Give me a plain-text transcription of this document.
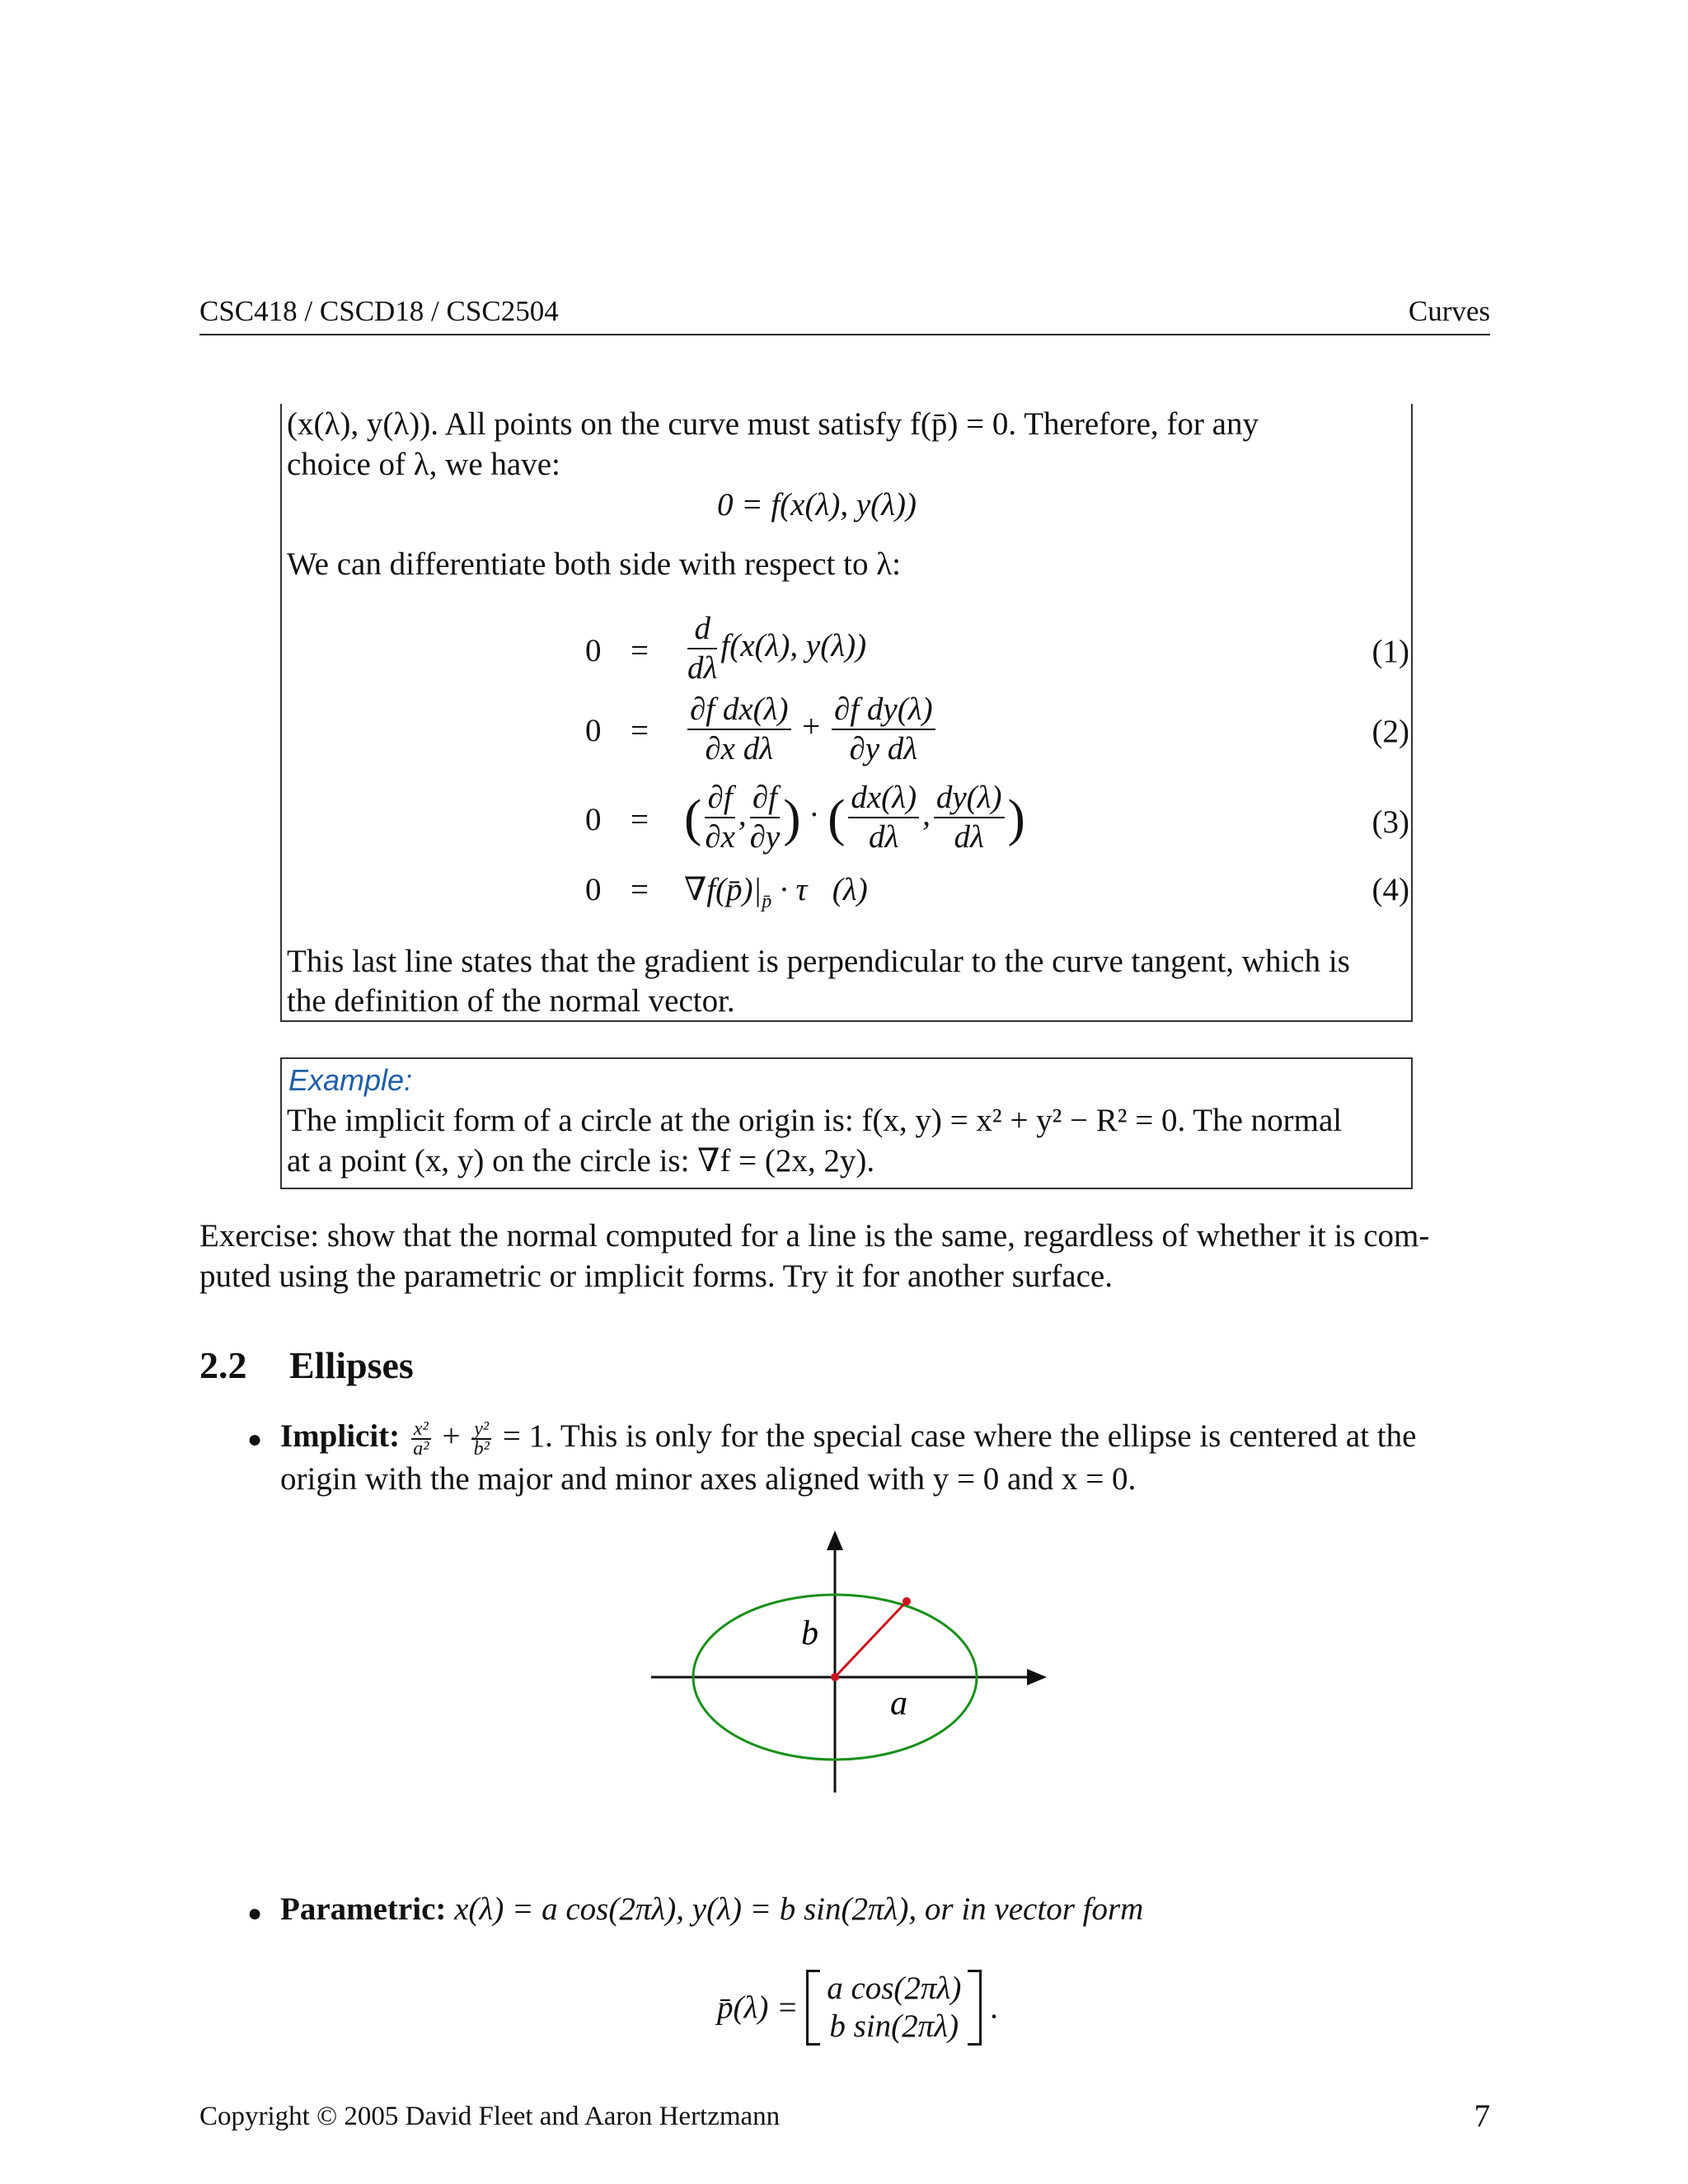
CSC418 / CSCD18 / CSC2504	Curves
(x(λ), y(λ)). All points on the curve must satisfy f(p̄) = 0. Therefore, for any
choice of λ, we have:
0 = f(x(λ), y(λ))
We can differentiate both side with respect to λ:
$0 = \frac{d}{d\lambda} f(x(\lambda)$, y(λ))	(1)
$0 = \frac{\text{∂f dx(λ)}}{\text{∂x dλ}} + \frac{\text{∂f dy(λ)}}{\text{∂y dλ}}$	(2)
0 = ( $\frac{\partial f}{\partial x}$ , $\frac{\partial f}{\partial y}$ ) · ( $\frac{dx(\lambda)}{d\lambda}$ , $\frac{dy(\lambda)}{d\lambda}$ )	(3)
$0 = \nabla f(p̄)|_{p̄}$ · τ⃗(λ)	(4)
This last line states that the gradient is perpendicular to the curve tangent, which is
the definition of the normal vector.
Example:
The implicit form of a circle at the origin is: f(x, y) = x² + y² − R² = 0. The normal
at a point (x, y) on the circle is: ∇f = (2x, 2y).
Exercise: show that the normal computed for a line is the same, regardless of whether it is com-
puted using the parametric or implicit forms. Try it for another surface.
2.2 Ellipses
● Implicit: $\frac{\text{x²}}{\text{a²}} + \frac{\text{y²}}{\text{b²}} = 1$. This is only for the special case where the ellipse is centered at the
origin with the major and minor axes aligned with y = 0 and x = 0.
b
a
● Parametric: x(λ) = a cos(2πλ), y(λ) = b sin(2πλ), or in vector form
p̄(λ) =
a cos(2πλ)
b sin(2πλ)
.
Copyright © 2005 David Fleet and Aaron Hertzmann	7
